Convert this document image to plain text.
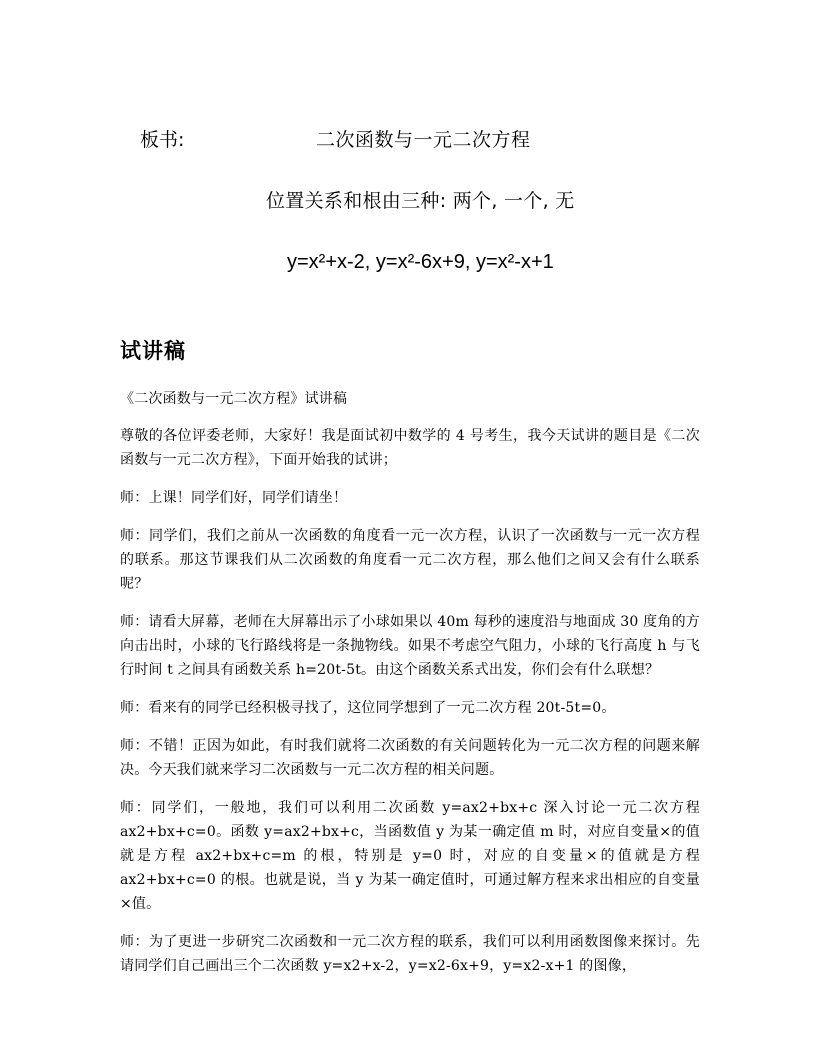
板书:	二次函数与一元二次方程
位置关系和根由三种: 两个, 一个, 无
y=x²+x-2, y=x²-6x+9, y=x²-x+1
试讲稿

《二次函数与一元二次方程》试讲稿

尊敬的各位评委老师，大家好！我是面试初中数学的 4 号考生，我今天试讲的题目是《二次函数与一元二次方程》，下面开始我的试讲；

师：上课！同学们好，同学们请坐！

师：同学们，我们之前从一次函数的角度看一元一次方程，认识了一次函数与一元一次方程的联系。那这节课我们从二次函数的角度看一元二次方程，那么他们之间又会有什么联系呢？

师：请看大屏幕，老师在大屏幕出示了小球如果以 40m 每秒的速度沿与地面成 30 度角的方向击出时，小球的飞行路线将是一条抛物线。如果不考虑空气阻力，小球的飞行高度 h 与飞行时间 t 之间具有函数关系 h=20t-5t。由这个函数关系式出发，你们会有什么联想？

师：看来有的同学已经积极寻找了，这位同学想到了一元二次方程 20t-5t=0。

师：不错！正因为如此，有时我们就将二次函数的有关问题转化为一元二次方程的问题来解决。今天我们就来学习二次函数与一元二次方程的相关问题。

师：同学们，一般地，我们可以利用二次函数 y=ax2+bx+c 深入讨论一元二次方程 ax2+bx+c=0。函数 y=ax2+bx+c，当函数值 y 为某一确定值 m 时，对应自变量×的值就是方程 ax2+bx+c=m 的根，特别是 y=0 时，对应的自变量×的值就是方程 ax2+bx+c=0 的根。也就是说，当 y 为某一确定值时，可通过解方程来求出相应的自变量×值。

师：为了更进一步研究二次函数和一元二次方程的联系，我们可以利用函数图像来探讨。先请同学们自己画出三个二次函数 y=x2+x-2，y=x2-6x+9，y=x2-x+1 的图像，
